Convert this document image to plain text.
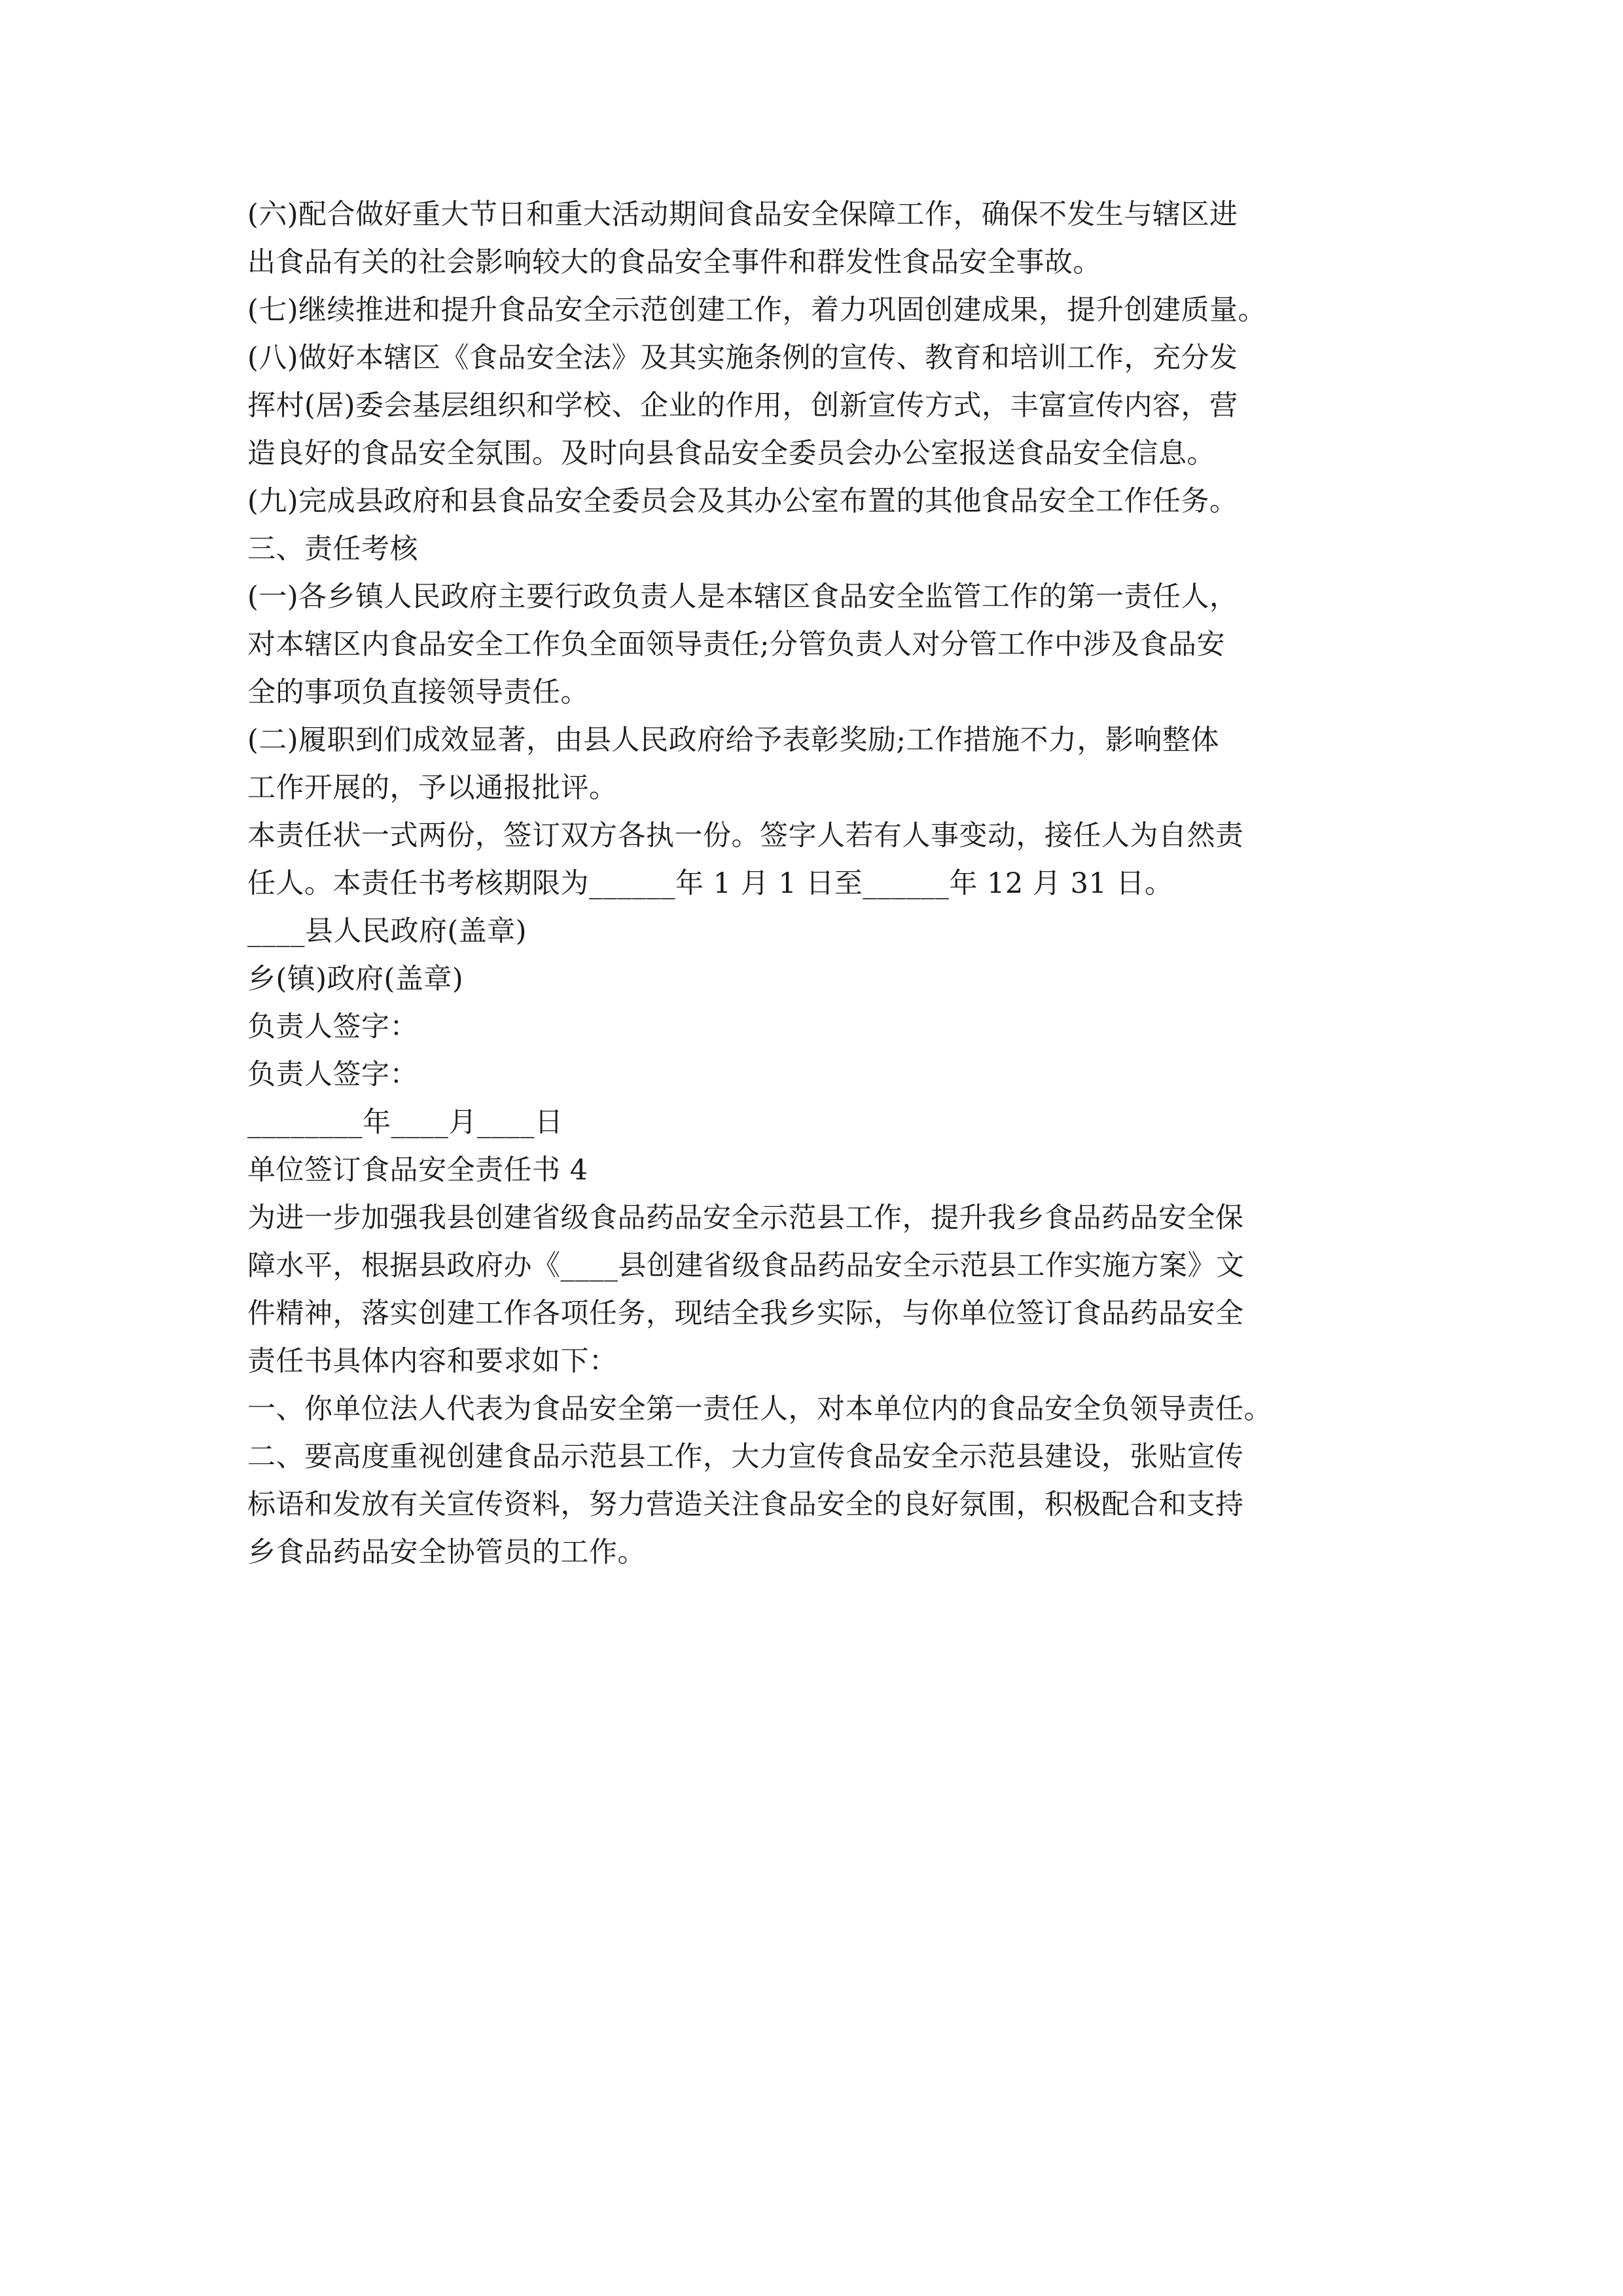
(六)配合做好重大节日和重大活动期间食品安全保障工作，确保不发生与辖区进
出食品有关的社会影响较大的食品安全事件和群发性食品安全事故。
(七)继续推进和提升食品安全示范创建工作，着力巩固创建成果，提升创建质量。
(八)做好本辖区《食品安全法》及其实施条例的宣传、教育和培训工作，充分发
挥村(居)委会基层组织和学校、企业的作用，创新宣传方式，丰富宣传内容，营
造良好的食品安全氛围。及时向县食品安全委员会办公室报送食品安全信息。
(九)完成县政府和县食品安全委员会及其办公室布置的其他食品安全工作任务。
三、责任考核
(一)各乡镇人民政府主要行政负责人是本辖区食品安全监管工作的第一责任人，
对本辖区内食品安全工作负全面领导责任;分管负责人对分管工作中涉及食品安
全的事项负直接领导责任。
(二)履职到们成效显著，由县人民政府给予表彰奖励;工作措施不力，影响整体
工作开展的，予以通报批评。
本责任状一式两份，签订双方各执一份。签字人若有人事变动，接任人为自然责
任人。本责任书考核期限为______年 1 月 1 日至______年 12 月 31 日。
____县人民政府(盖章)
乡(镇)政府(盖章)
负责人签字：
负责人签字：
________年____月____日
单位签订食品安全责任书 4
为进一步加强我县创建省级食品药品安全示范县工作，提升我乡食品药品安全保
障水平，根据县政府办《____县创建省级食品药品安全示范县工作实施方案》文
件精神，落实创建工作各项任务，现结全我乡实际，与你单位签订食品药品安全
责任书具体内容和要求如下：
一、你单位法人代表为食品安全第一责任人，对本单位内的食品安全负领导责任。
二、要高度重视创建食品示范县工作，大力宣传食品安全示范县建设，张贴宣传
标语和发放有关宣传资料，努力营造关注食品安全的良好氛围，积极配合和支持
乡食品药品安全协管员的工作。
